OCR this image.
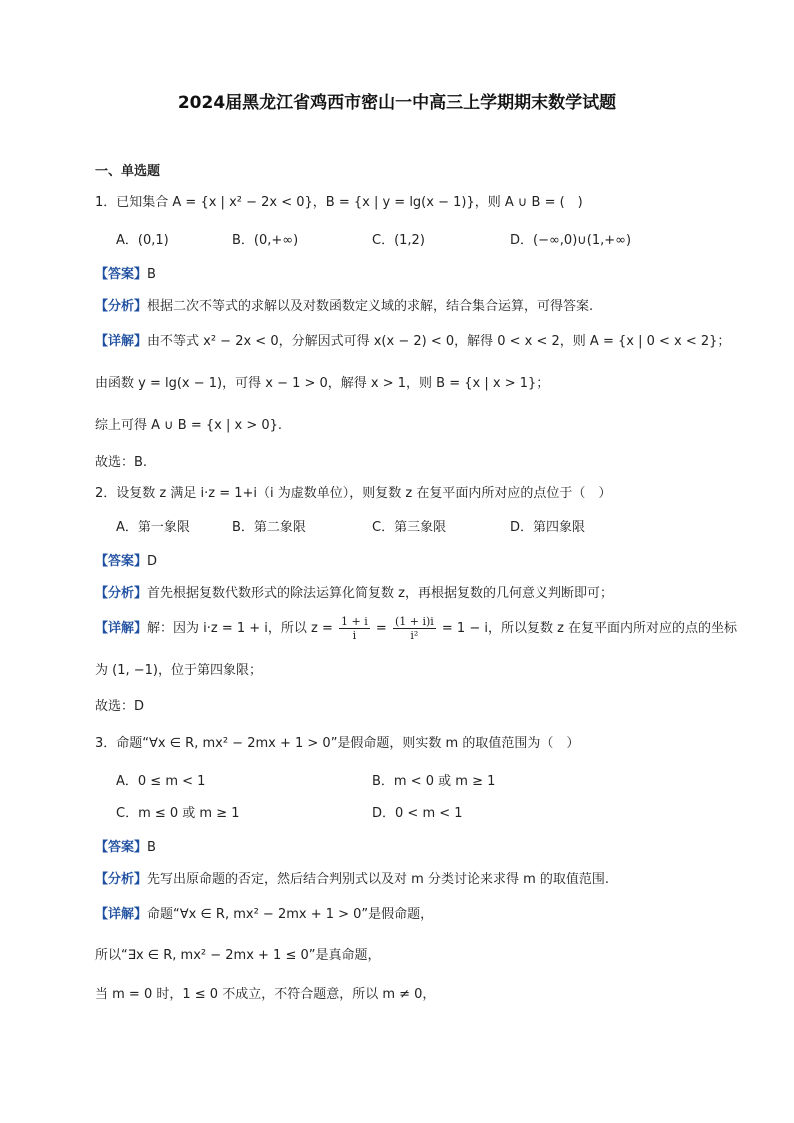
2024届黑龙江省鸡西市密山一中高三上学期期末数学试题
一、单选题
1．已知集合 A = {x | x² − 2x < 0}，B = {x | y = lg(x − 1)}，则 A ∪ B = (　)
A．(0,1)	B．(0,+∞)	C．(1,2)	D．(−∞,0)∪(1,+∞)
【答案】B
【分析】根据二次不等式的求解以及对数函数定义域的求解，结合集合运算，可得答案.
【详解】由不等式 x² − 2x < 0，分解因式可得 x(x − 2) < 0，解得 0 < x < 2，则 A = {x | 0 < x < 2}；
由函数 y = lg(x − 1)，可得 x − 1 > 0，解得 x > 1，则 B = {x | x > 1}；
综上可得 A ∪ B = {x | x > 0}.
故选：B.
2．设复数 z 满足 i·z = 1+i（i 为虚数单位），则复数 z 在复平面内所对应的点位于（　）
A．第一象限	B．第二象限	C．第三象限	D．第四象限
【答案】D
【分析】首先根据复数代数形式的除法运算化简复数 z，再根据复数的几何意义判断即可；
【详解】解：因为 i·z = 1 + i，所以 $z = \frac{1 + i}{i} = \frac{(1 + i)i}{\text{i²}} = 1 - i$，所以复数 z 在复平面内所对应的点的坐标
为 (1, −1)，位于第四象限；
故选：D
3．命题“∀x ∈ R, mx² − 2mx + 1 > 0”是假命题，则实数 m 的取值范围为（　）
A．0 ≤ m < 1	B．m < 0 或 m ≥ 1
C．m ≤ 0 或 m ≥ 1	D．0 < m < 1
【答案】B
【分析】先写出原命题的否定，然后结合判别式以及对 m 分类讨论来求得 m 的取值范围.
【详解】命题“∀x ∈ R, mx² − 2mx + 1 > 0”是假命题，
所以“∃x ∈ R, mx² − 2mx + 1 ≤ 0”是真命题，
当 m = 0 时，1 ≤ 0 不成立，不符合题意，所以 m ≠ 0，
